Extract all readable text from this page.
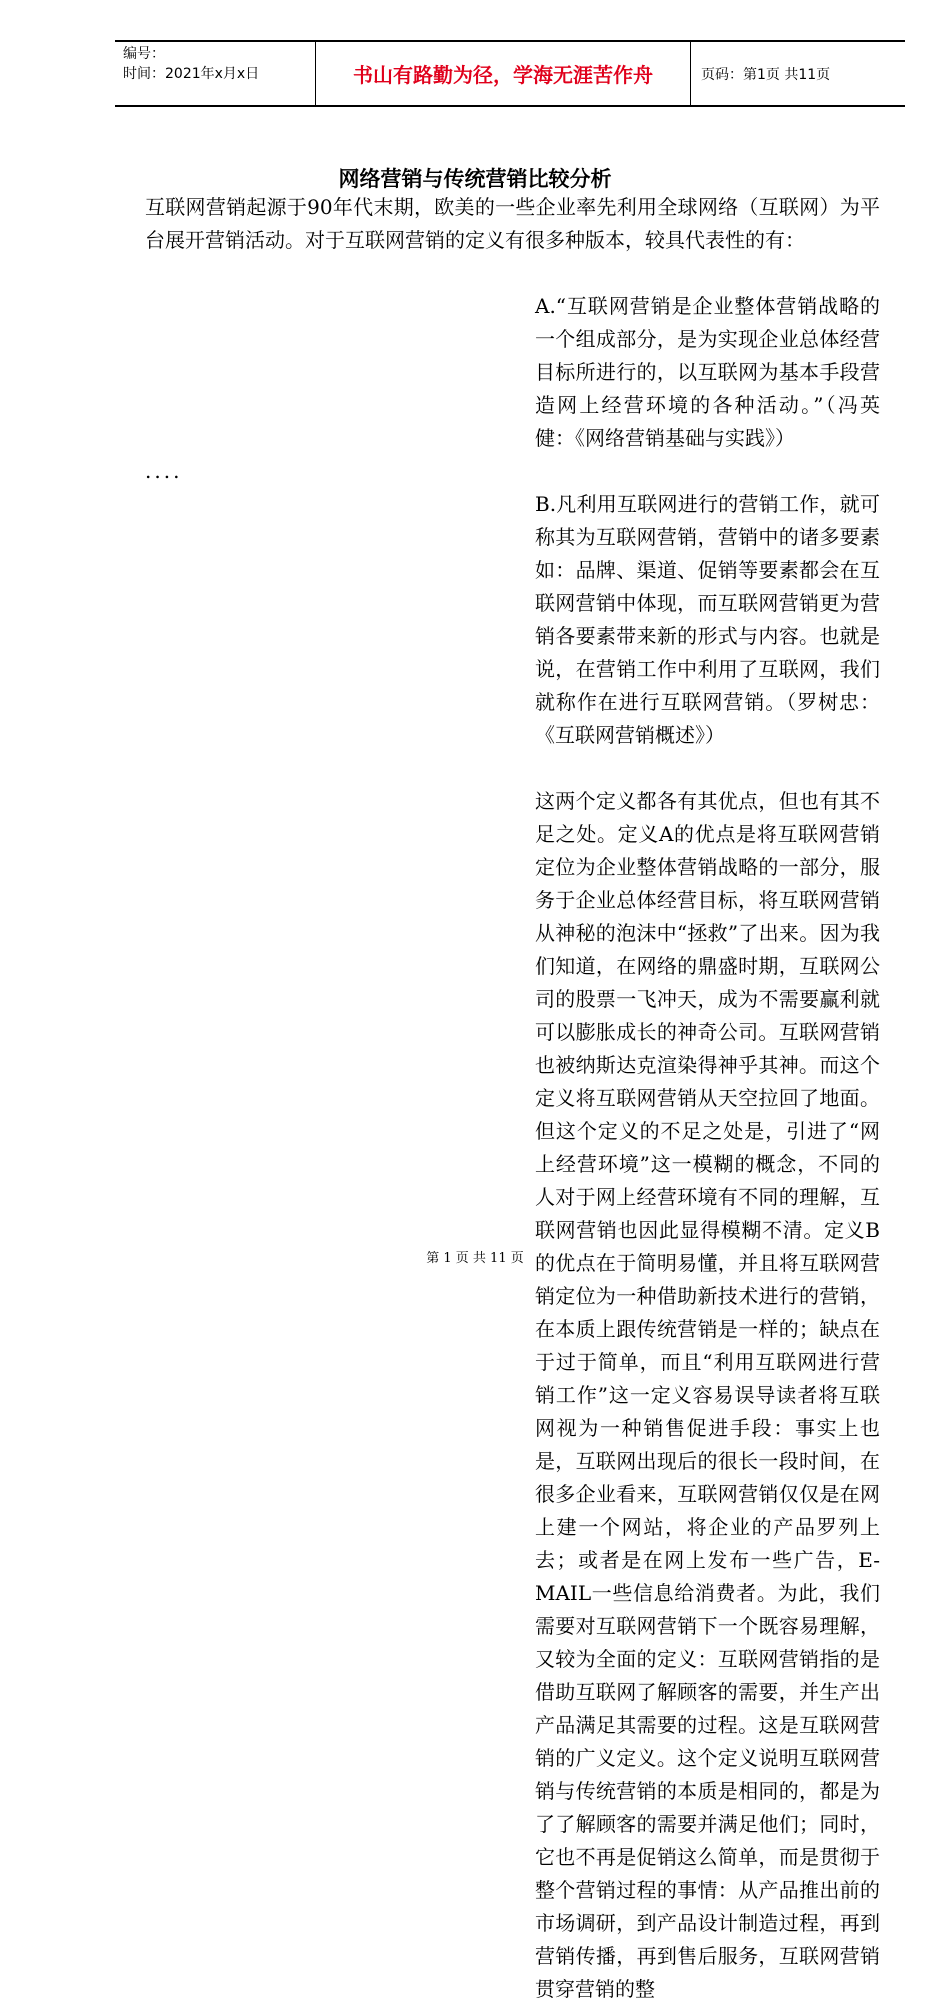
编号：
时间：2021年x月x日	书山有路勤为径，学海无涯苦作舟	页码：第1页 共11页
网络营销与传统营销比较分析

互联网营销起源于90年代末期，欧美的一些企业率先利用全球网络（互联网）为平台展开营销活动。对于互联网营销的定义有很多种版本，较具代表性的有：

A.“互联网营销是企业整体营销战略的一个组成部分，是为实现企业总体经营目标所进行的，以互联网为基本手段营造网上经营环境的各种活动。”（冯英健：《网络营销基础与实践》）

....

B.凡利用互联网进行的营销工作，就可称其为互联网营销，营销中的诸多要素如：品牌、渠道、促销等要素都会在互联网营销中体现，而互联网营销更为营销各要素带来新的形式与内容。也就是说，在营销工作中利用了互联网，我们就称作在进行互联网营销。（罗树忠：《互联网营销概述》）

这两个定义都各有其优点，但也有其不足之处。定义A的优点是将互联网营销定位为企业整体营销战略的一部分，服务于企业总体经营目标，将互联网营销从神秘的泡沫中“拯救”了出来。因为我们知道，在网络的鼎盛时期，互联网公司的股票一飞冲天，成为不需要赢利就可以膨胀成长的神奇公司。互联网营销也被纳斯达克渲染得神乎其神。而这个定义将互联网营销从天空拉回了地面。但这个定义的不足之处是，引进了“网上经营环境”这一模糊的概念，不同的人对于网上经营环境有不同的理解，互联网营销也因此显得模糊不清。定义B的优点在于简明易懂，并且将互联网营销定位为一种借助新技术进行的营销，在本质上跟传统营销是一样的；缺点在于过于简单，而且“利用互联网进行营销工作”这一定义容易误导读者将互联网视为一种销售促进手段：事实上也是，互联网出现后的很长一段时间，在很多企业看来，互联网营销仅仅是在网上建一个网站，将企业的产品罗列上去；或者是在网上发布一些广告，E-MAIL一些信息给消费者。为此，我们需要对互联网营销下一个既容易理解，又较为全面的定义：互联网营销指的是借助互联网了解顾客的需要，并生产出产品满足其需要的过程。这是互联网营销的广义定义。这个定义说明互联网营销与传统营销的本质是相同的，都是为了了解顾客的需要并满足他们；同时，它也不再是促销这么简单，而是贯彻于整个营销过程的事情：从产品推出前的市场调研，到产品设计制造过程，再到营销传播，再到售后服务，互联网营销贯穿营销的整

第 1 页 共 11 页
